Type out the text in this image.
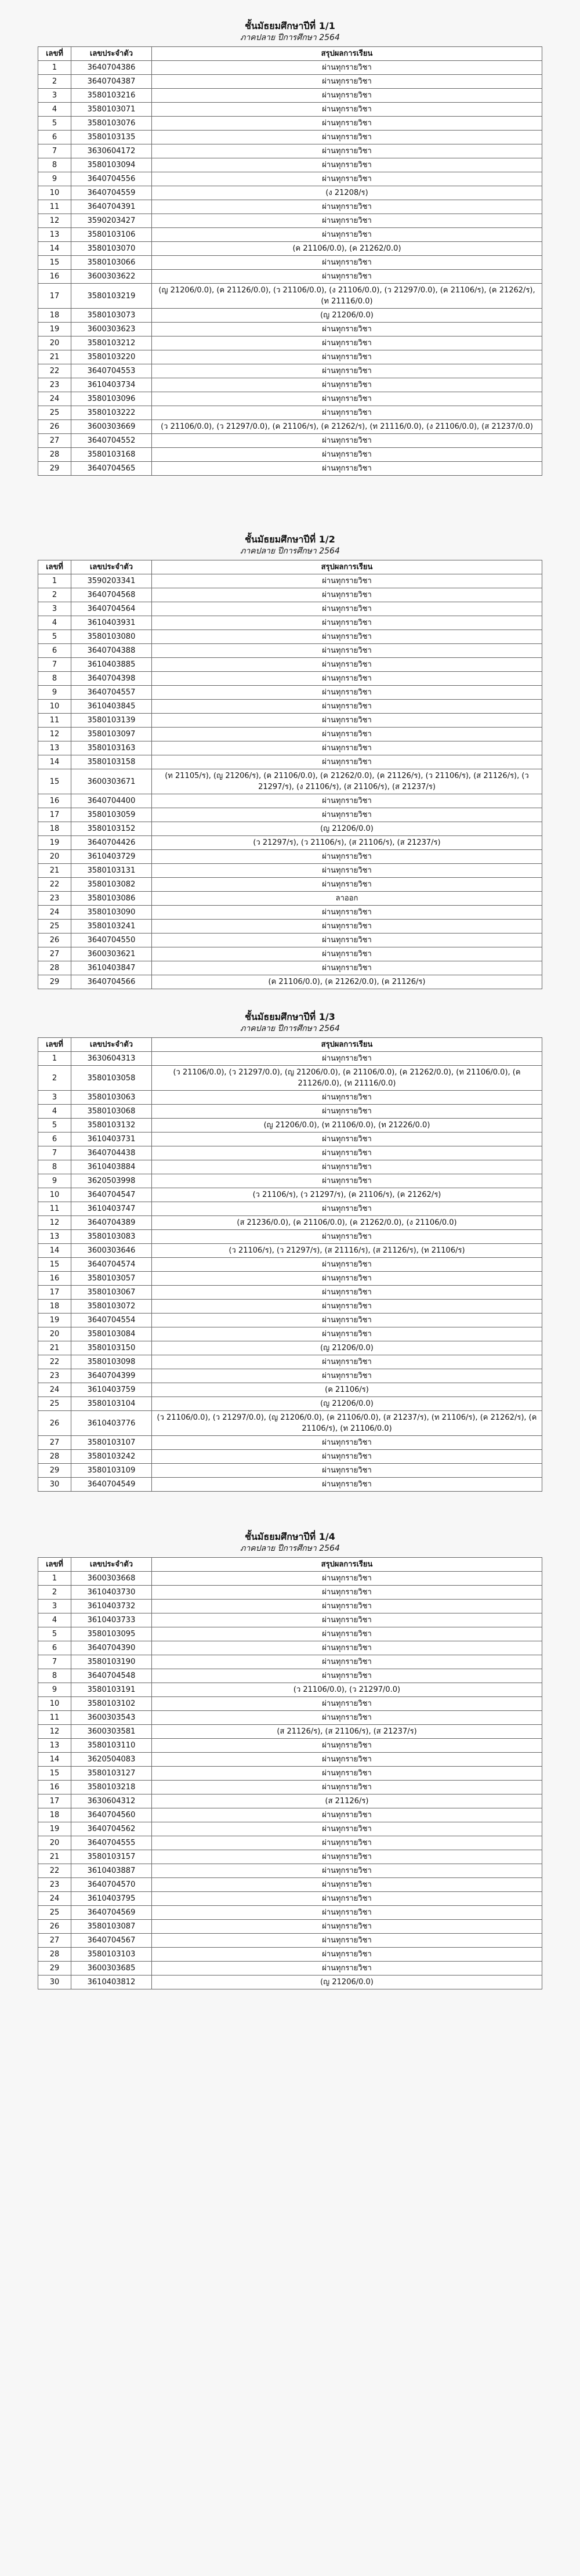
ชั้นมัธยมศึกษาปีที่ 1/1
ภาคปลาย ปีการศึกษา 2564
เลขที่	เลขประจำตัว	สรุปผลการเรียน
1	3640704386	ผ่านทุกรายวิชา
2	3640704387	ผ่านทุกรายวิชา
3	3580103216	ผ่านทุกรายวิชา
4	3580103071	ผ่านทุกรายวิชา
5	3580103076	ผ่านทุกรายวิชา
6	3580103135	ผ่านทุกรายวิชา
7	3630604172	ผ่านทุกรายวิชา
8	3580103094	ผ่านทุกรายวิชา
9	3640704556	ผ่านทุกรายวิชา
10	3640704559	(ง 21208/ร)
11	3640704391	ผ่านทุกรายวิชา
12	3590203427	ผ่านทุกรายวิชา
13	3580103106	ผ่านทุกรายวิชา
14	3580103070	(ค 21106/0.0), (ค 21262/0.0)
15	3580103066	ผ่านทุกรายวิชา
16	3600303622	ผ่านทุกรายวิชา
17	3580103219	(ญ 21206/0.0), (ค 21126/0.0), (ว 21106/0.0), (ง 21106/0.0), (ว 21297/0.0), (ค 21106/ร), (ค 21262/ร), (ท 21116/0.0)
18	3580103073	(ญ 21206/0.0)
19	3600303623	ผ่านทุกรายวิชา
20	3580103212	ผ่านทุกรายวิชา
21	3580103220	ผ่านทุกรายวิชา
22	3640704553	ผ่านทุกรายวิชา
23	3610403734	ผ่านทุกรายวิชา
24	3580103096	ผ่านทุกรายวิชา
25	3580103222	ผ่านทุกรายวิชา
26	3600303669	(ว 21106/0.0), (ว 21297/0.0), (ค 21106/ร), (ค 21262/ร), (ท 21116/0.0), (ง 21106/0.0), (ส 21237/0.0)
27	3640704552	ผ่านทุกรายวิชา
28	3580103168	ผ่านทุกรายวิชา
29	3640704565	ผ่านทุกรายวิชา
ชั้นมัธยมศึกษาปีที่ 1/2
ภาคปลาย ปีการศึกษา 2564
เลขที่	เลขประจำตัว	สรุปผลการเรียน
1	3590203341	ผ่านทุกรายวิชา
2	3640704568	ผ่านทุกรายวิชา
3	3640704564	ผ่านทุกรายวิชา
4	3610403931	ผ่านทุกรายวิชา
5	3580103080	ผ่านทุกรายวิชา
6	3640704388	ผ่านทุกรายวิชา
7	3610403885	ผ่านทุกรายวิชา
8	3640704398	ผ่านทุกรายวิชา
9	3640704557	ผ่านทุกรายวิชา
10	3610403845	ผ่านทุกรายวิชา
11	3580103139	ผ่านทุกรายวิชา
12	3580103097	ผ่านทุกรายวิชา
13	3580103163	ผ่านทุกรายวิชา
14	3580103158	ผ่านทุกรายวิชา
15	3600303671	(ท 21105/ร), (ญ 21206/ร), (ค 21106/0.0), (ค 21262/0.0), (ค 21126/ร), (ว 21106/ร), (ส 21126/ร), (ว 21297/ร), (ง 21106/ร), (ส 21106/ร), (ส 21237/ร)
16	3640704400	ผ่านทุกรายวิชา
17	3580103059	ผ่านทุกรายวิชา
18	3580103152	(ญ 21206/0.0)
19	3640704426	(ว 21297/ร), (ว 21106/ร), (ส 21106/ร), (ส 21237/ร)
20	3610403729	ผ่านทุกรายวิชา
21	3580103131	ผ่านทุกรายวิชา
22	3580103082	ผ่านทุกรายวิชา
23	3580103086	ลาออก
24	3580103090	ผ่านทุกรายวิชา
25	3580103241	ผ่านทุกรายวิชา
26	3640704550	ผ่านทุกรายวิชา
27	3600303621	ผ่านทุกรายวิชา
28	3610403847	ผ่านทุกรายวิชา
29	3640704566	(ค 21106/0.0), (ค 21262/0.0), (ค 21126/ร)
ชั้นมัธยมศึกษาปีที่ 1/3
ภาคปลาย ปีการศึกษา 2564
เลขที่	เลขประจำตัว	สรุปผลการเรียน
1	3630604313	ผ่านทุกรายวิชา
2	3580103058	(ว 21106/0.0), (ว 21297/0.0), (ญ 21206/0.0), (ค 21106/0.0), (ค 21262/0.0), (ท 21106/0.0), (ค 21126/0.0), (ท 21116/0.0)
3	3580103063	ผ่านทุกรายวิชา
4	3580103068	ผ่านทุกรายวิชา
5	3580103132	(ญ 21206/0.0), (ท 21106/0.0), (ท 21226/0.0)
6	3610403731	ผ่านทุกรายวิชา
7	3640704438	ผ่านทุกรายวิชา
8	3610403884	ผ่านทุกรายวิชา
9	3620503998	ผ่านทุกรายวิชา
10	3640704547	(ว 21106/ร), (ว 21297/ร), (ค 21106/ร), (ค 21262/ร)
11	3610403747	ผ่านทุกรายวิชา
12	3640704389	(ส 21236/0.0), (ค 21106/0.0), (ค 21262/0.0), (ง 21106/0.0)
13	3580103083	ผ่านทุกรายวิชา
14	3600303646	(ว 21106/ร), (ว 21297/ร), (ส 21116/ร), (ส 21126/ร), (ท 21106/ร)
15	3640704574	ผ่านทุกรายวิชา
16	3580103057	ผ่านทุกรายวิชา
17	3580103067	ผ่านทุกรายวิชา
18	3580103072	ผ่านทุกรายวิชา
19	3640704554	ผ่านทุกรายวิชา
20	3580103084	ผ่านทุกรายวิชา
21	3580103150	(ญ 21206/0.0)
22	3580103098	ผ่านทุกรายวิชา
23	3640704399	ผ่านทุกรายวิชา
24	3610403759	(ค 21106/ร)
25	3580103104	(ญ 21206/0.0)
26	3610403776	(ว 21106/0.0), (ว 21297/0.0), (ญ 21206/0.0), (ค 21106/0.0), (ส 21237/ร), (ท 21106/ร), (ค 21262/ร), (ค 21106/ร), (ท 21106/0.0)
27	3580103107	ผ่านทุกรายวิชา
28	3580103242	ผ่านทุกรายวิชา
29	3580103109	ผ่านทุกรายวิชา
30	3640704549	ผ่านทุกรายวิชา
ชั้นมัธยมศึกษาปีที่ 1/4
ภาคปลาย ปีการศึกษา 2564
เลขที่	เลขประจำตัว	สรุปผลการเรียน
1	3600303668	ผ่านทุกรายวิชา
2	3610403730	ผ่านทุกรายวิชา
3	3610403732	ผ่านทุกรายวิชา
4	3610403733	ผ่านทุกรายวิชา
5	3580103095	ผ่านทุกรายวิชา
6	3640704390	ผ่านทุกรายวิชา
7	3580103190	ผ่านทุกรายวิชา
8	3640704548	ผ่านทุกรายวิชา
9	3580103191	(ว 21106/0.0), (ว 21297/0.0)
10	3580103102	ผ่านทุกรายวิชา
11	3600303543	ผ่านทุกรายวิชา
12	3600303581	(ส 21126/ร), (ส 21106/ร), (ส 21237/ร)
13	3580103110	ผ่านทุกรายวิชา
14	3620504083	ผ่านทุกรายวิชา
15	3580103127	ผ่านทุกรายวิชา
16	3580103218	ผ่านทุกรายวิชา
17	3630604312	(ส 21126/ร)
18	3640704560	ผ่านทุกรายวิชา
19	3640704562	ผ่านทุกรายวิชา
20	3640704555	ผ่านทุกรายวิชา
21	3580103157	ผ่านทุกรายวิชา
22	3610403887	ผ่านทุกรายวิชา
23	3640704570	ผ่านทุกรายวิชา
24	3610403795	ผ่านทุกรายวิชา
25	3640704569	ผ่านทุกรายวิชา
26	3580103087	ผ่านทุกรายวิชา
27	3640704567	ผ่านทุกรายวิชา
28	3580103103	ผ่านทุกรายวิชา
29	3600303685	ผ่านทุกรายวิชา
30	3610403812	(ญ 21206/0.0)
